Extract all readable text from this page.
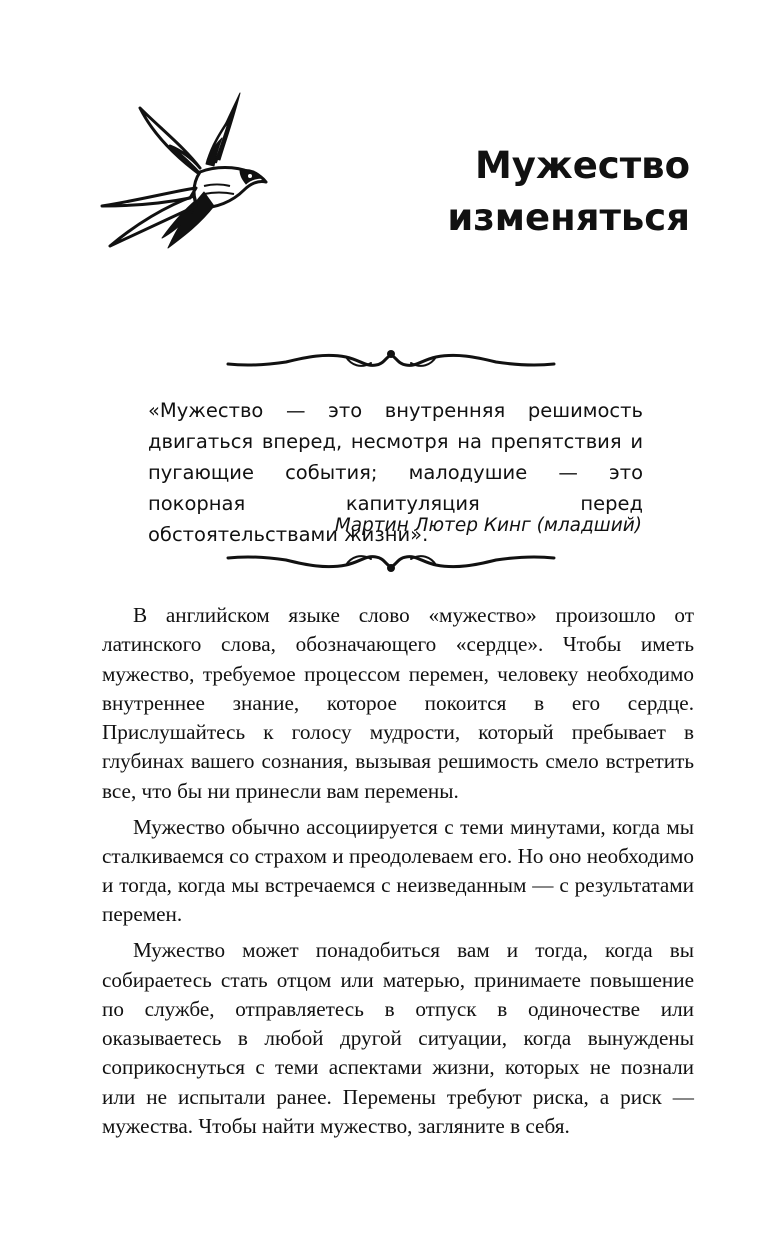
Мужество
изменяться
«Мужество — это внутренняя решимость двигаться вперед, несмотря на препятствия и пугающие события; малодушие — это покорная капитуляция перед обстоятельствами жизни».
Мартин Лютер Кинг (младший)

В английском языке слово «мужество» произошло от латинского слова, обозначающего «сердце». Чтобы иметь мужество, требуемое процессом перемен, человеку необходимо внутреннее знание, которое покоится в его сердце. Прислушайтесь к голосу мудрости, который пребывает в глубинах вашего сознания, вызывая решимость смело встретить все, что бы ни принесли вам перемены.

Мужество обычно ассоциируется с теми минутами, когда мы сталкиваемся со страхом и преодолеваем его. Но оно необходимо и тогда, когда мы встречаемся с неизведанным — с результатами перемен.

Мужество может понадобиться вам и тогда, когда вы собираетесь стать отцом или матерью, принимаете повышение по службе, отправляетесь в отпуск в одиночестве или оказываетесь в любой другой ситуации, когда вынуждены соприкоснуться с теми аспектами жизни, которых не познали или не испытали ранее. Перемены требуют риска, а риск — мужества. Чтобы найти мужество, загляните в себя.
